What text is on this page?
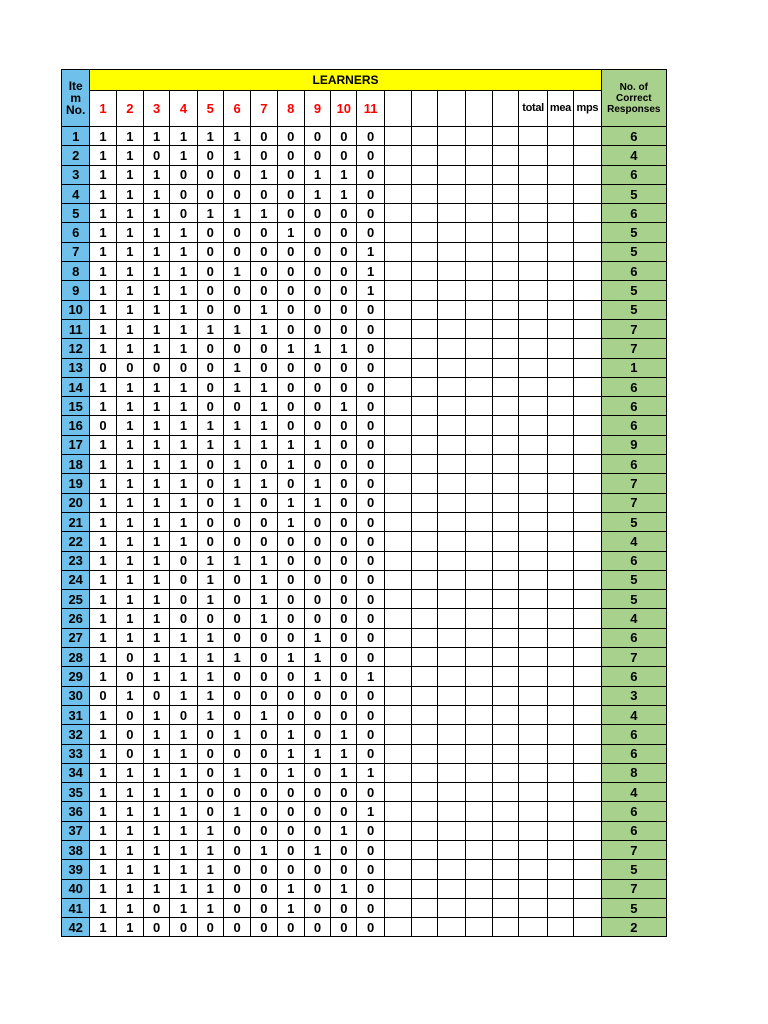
Ite m No.	LEARNERS																			No. of Correct Responses
	1	2	3	4	5	6	7	8	9	10	11						total	mea	mps	
1	1	1	1	1	1	1	0	0	0	0	0									6
2	1	1	0	1	0	1	0	0	0	0	0									4
3	1	1	1	0	0	0	1	0	1	1	0									6
4	1	1	1	0	0	0	0	0	1	1	0									5
5	1	1	1	0	1	1	1	0	0	0	0									6
6	1	1	1	1	0	0	0	1	0	0	0									5
7	1	1	1	1	0	0	0	0	0	0	1									5
8	1	1	1	1	0	1	0	0	0	0	1									6
9	1	1	1	1	0	0	0	0	0	0	1									5
10	1	1	1	1	0	0	1	0	0	0	0									5
11	1	1	1	1	1	1	1	0	0	0	0									7
12	1	1	1	1	0	0	0	1	1	1	0									7
13	0	0	0	0	0	1	0	0	0	0	0									1
14	1	1	1	1	0	1	1	0	0	0	0									6
15	1	1	1	1	0	0	1	0	0	1	0									6
16	0	1	1	1	1	1	1	0	0	0	0									6
17	1	1	1	1	1	1	1	1	1	0	0									9
18	1	1	1	1	0	1	0	1	0	0	0									6
19	1	1	1	1	0	1	1	0	1	0	0									7
20	1	1	1	1	0	1	0	1	1	0	0									7
21	1	1	1	1	0	0	0	1	0	0	0									5
22	1	1	1	1	0	0	0	0	0	0	0									4
23	1	1	1	0	1	1	1	0	0	0	0									6
24	1	1	1	0	1	0	1	0	0	0	0									5
25	1	1	1	0	1	0	1	0	0	0	0									5
26	1	1	1	0	0	0	1	0	0	0	0									4
27	1	1	1	1	1	0	0	0	1	0	0									6
28	1	0	1	1	1	1	0	1	1	0	0									7
29	1	0	1	1	1	0	0	0	1	0	1									6
30	0	1	0	1	1	0	0	0	0	0	0									3
31	1	0	1	0	1	0	1	0	0	0	0									4
32	1	0	1	1	0	1	0	1	0	1	0									6
33	1	0	1	1	0	0	0	1	1	1	0									6
34	1	1	1	1	0	1	0	1	0	1	1									8
35	1	1	1	1	0	0	0	0	0	0	0									4
36	1	1	1	1	0	1	0	0	0	0	1									6
37	1	1	1	1	1	0	0	0	0	1	0									6
38	1	1	1	1	1	0	1	0	1	0	0									7
39	1	1	1	1	1	0	0	0	0	0	0									5
40	1	1	1	1	1	0	0	1	0	1	0									7
41	1	1	0	1	1	0	0	1	0	0	0									5
42	1	1	0	0	0	0	0	0	0	0	0									2
